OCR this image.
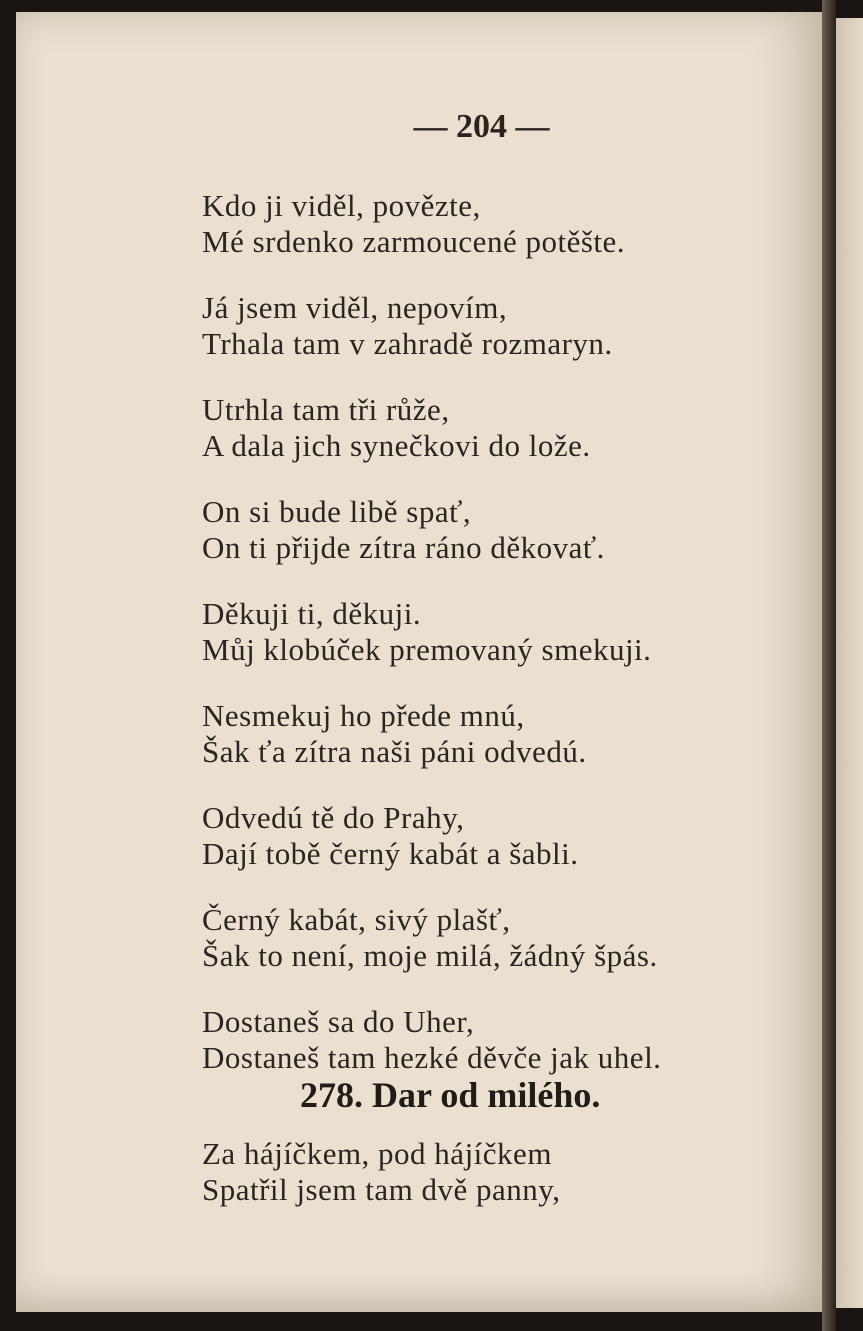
— 204 —
Kdo ji viděl, povězte,
Mé srdenko zarmoucené potěšte.
Já jsem viděl, nepovím,
Trhala tam v zahradě rozmaryn.
Utrhla tam tři růže,
A dala jich synečkovi do lože.
On si bude libě spať,
On ti přijde zítra ráno děkovať.
Děkuji ti, děkuji.
Můj klobúček premovaný smekuji.
Nesmekuj ho přede mnú,
Šak ťa zítra naši páni odvedú.
Odvedú tě do Prahy,
Dají tobě černý kabát a šabli.
Černý kabát, sivý plašť,
Šak to není, moje milá, žádný špás.
Dostaneš sa do Uher,
Dostaneš tam hezké děvče jak uhel.
278. Dar od milého.
Za hájíčkem, pod hájíčkem
Spatřil jsem tam dvě panny,
